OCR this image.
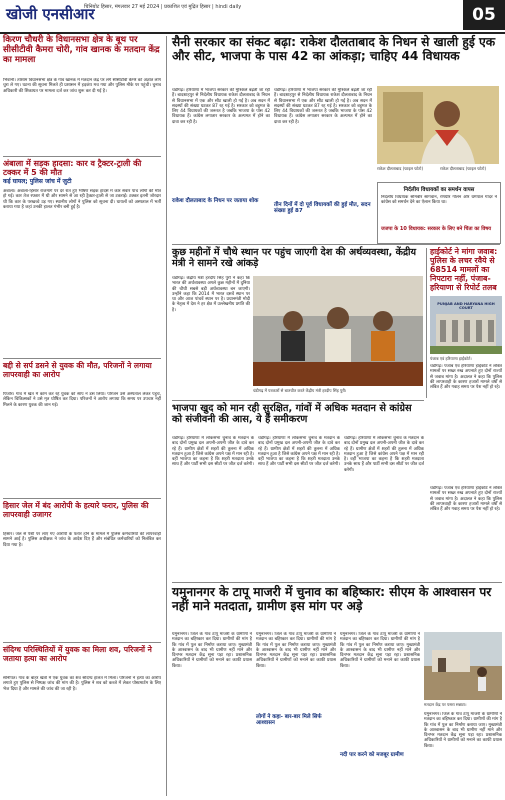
खोजी एनसीआर
चिनियोट हिसार, मंगलवार 27 मई 2024 | प्रकाशित एवं मुद्रित हिसार | hindi daily	05
किरण चौधरी के विधानसभा क्षेत्र के बूथ पर सीसीटीवी कैमरा चोरी, गांव खानक के मतदान केंद्र का मामला
भिवानी। तोशाम विधानसभा क्षेत्र के गांव खानक में मतदान केंद्र पर लगे सीसीटीवी कैमरे को अज्ञात लोग चुरा ले गए। घटना की सूचना मिलते ही प्रशासन में हड़कंप मच गया और पुलिस मौके पर पहुंची। चुनाव अधिकारी की शिकायत पर मामला दर्ज कर जांच शुरू कर दी गई है।
अंबाला में सड़क हादसा: कार व ट्रैक्टर-ट्राली की टक्कर में 5 की मौत
कई घायल; पुलिस जांच में जुटी
अंबाला। अंबाला-हिसार राजमार्ग पर देर रात हुए भीषण सड़क हादसे में कार सवार पांच लोगों की मौत हो गई। कार तेज रफ्तार में थी और सामने से आ रही ट्रैक्टर-ट्राली से जा टकराई। टक्कर इतनी जोरदार थी कि कार के परखच्चे उड़ गए। स्थानीय लोगों ने पुलिस को सूचना दी। घायलों को अस्पताल में भर्ती कराया गया है जहां उनकी हालत गंभीर बनी हुई है।
बद्दी से सर्प डसने से युवक की मौत, परिजनों ने लगाया लापरवाही का आरोप
पिंजौर। गांव में खेत में काम कर रहे युवक को सांप ने डस लिया। परिजन उसे अस्पताल लेकर पहुंचे, लेकिन चिकित्सकों ने उसे मृत घोषित कर दिया। परिजनों ने आरोप लगाया कि समय पर उपचार नहीं मिलने के कारण युवक की जान गई।
हिसार जेल में बंद आरोपी के हत्यारे फरार, पुलिस की लापरवाही उजागर
हिसार। जेल से पेशी पर लाए गए आरोपी के फरार होने के मामले में पुलिस कर्मचारियों की लापरवाही सामने आई है। पुलिस अधीक्षक ने जांच के आदेश दिए हैं और संबंधित कर्मचारियों को निलंबित कर दिया गया है।
संदिग्ध परिस्थितियों में युवक का मिला शव, परिजनों ने जताया हत्या का आरोप
सोनीपत। गांव के बाहर खेतों में एक युवक का शव संदिग्ध हालत में मिला। परिजनों ने हत्या का आरोप लगाते हुए पुलिस से निष्पक्ष जांच की मांग की है। पुलिस ने शव को कब्जे में लेकर पोस्टमार्टम के लिए भेज दिया है और मामले की जांच की जा रही है।
सैनी सरकार का संकट बढ़ा: राकेश दौलताबाद के निधन से खाली हुई एक और सीट, भाजपा के पास 42 का आंकड़ा; चाहिए 44 विधायक
चंडीगढ़। हरियाणा में भाजपा सरकार की मुश्किलें बढ़ती जा रही हैं। बादशाहपुर से निर्दलीय विधायक राकेश दौलताबाद के निधन से विधानसभा में एक और सीट खाली हो गई है। अब सदन में सदस्यों की संख्या घटकर 87 रह गई है। सरकार को बहुमत के लिए 44 विधायकों की जरूरत है जबकि भाजपा के पास 42 विधायक हैं। कांग्रेस लगातार सरकार के अल्पमत में होने का दावा कर रही है।
राकेश दौलताबाद के निधन पर जताया शोक
चंडीगढ़। हरियाणा में भाजपा सरकार की मुश्किलें बढ़ती जा रही हैं। बादशाहपुर से निर्दलीय विधायक राकेश दौलताबाद के निधन से विधानसभा में एक और सीट खाली हो गई है। अब सदन में सदस्यों की संख्या घटकर 87 रह गई है। सरकार को बहुमत के लिए 44 विधायकों की जरूरत है जबकि भाजपा के पास 42 विधायक हैं। कांग्रेस लगातार सरकार के अल्पमत में होने का दावा कर रही है।
तीन दिनों में दो पूर्व विधायकों की हुई मौत, सदन संख्या हुई 87
राकेश दौलताबाद (फाइल फोटो)	राकेश दौलताबाद (फाइल फोटो)
निर्दलीय विधायकों का समर्थन वापस
निर्दलीय विधायक सोमबीर सांगवान, रणधीर गोलन और धर्मपाल गोंदर ने कांग्रेस को समर्थन देने का ऐलान किया था।
जजपा के 10 विधायक: सरकार के लिए बने चिंता का विषय
कुछ महीनों में चौथे स्थान पर पहुंच जाएगी देश की अर्थव्यवस्था, केंद्रीय मंत्री ने सामने रखे आंकड़े
चंडीगढ़। केंद्रीय मंत्री हरदीप सिंह पुरी ने कहा कि भारत की अर्थव्यवस्था अगले कुछ महीनों में दुनिया की चौथी सबसे बड़ी अर्थव्यवस्था बन जाएगी। उन्होंने कहा कि 2014 में भारत दसवें स्थान पर था और आज पांचवें स्थान पर है। प्रधानमंत्री मोदी के नेतृत्व में देश ने हर क्षेत्र में उल्लेखनीय प्रगति की है।
चंडीगढ़ में पत्रकारों से बातचीत करते केंद्रीय मंत्री हरदीप सिंह पुरी।
हाईकोर्ट ने मांगा जवाब: पुलिस के लचर रवैये से 68514 मामलों का निपटारा नहीं, पंजाब-हरियाणा से रिपोर्ट तलब
PUNJAB AND HARYANA HIGH COURT
पंजाब एवं हरियाणा हाईकोर्ट।
चंडीगढ़। पंजाब एवं हरियाणा हाईकोर्ट ने लंबित मामलों पर सख्त रुख अपनाते हुए दोनों राज्यों से जवाब मांगा है। अदालत ने कहा कि पुलिस की लापरवाही के कारण हजारों मामले वर्षों से लंबित हैं और गवाह समय पर पेश नहीं हो रहे।
भाजपा खुद को मान रही सुरक्षित, गांवों में अधिक मतदान से कांग्रेस को संजीवनी की आस, ये हैं समीकरण
चंडीगढ़। हरियाणा में लोकसभा चुनाव के मतदान के बाद दोनों प्रमुख दल अपनी-अपनी जीत के दावे कर रहे हैं। ग्रामीण क्षेत्रों में शहरों की तुलना में अधिक मतदान हुआ है जिसे कांग्रेस अपने पक्ष में मान रही है। वहीं भाजपा का कहना है कि शहरी मतदाता उनके साथ हैं और पार्टी सभी दस सीटों पर जीत दर्ज करेगी।
चंडीगढ़। हरियाणा में लोकसभा चुनाव के मतदान के बाद दोनों प्रमुख दल अपनी-अपनी जीत के दावे कर रहे हैं। ग्रामीण क्षेत्रों में शहरों की तुलना में अधिक मतदान हुआ है जिसे कांग्रेस अपने पक्ष में मान रही है। वहीं भाजपा का कहना है कि शहरी मतदाता उनके साथ हैं और पार्टी सभी दस सीटों पर जीत दर्ज करेगी।
चंडीगढ़। हरियाणा में लोकसभा चुनाव के मतदान के बाद दोनों प्रमुख दल अपनी-अपनी जीत के दावे कर रहे हैं। ग्रामीण क्षेत्रों में शहरों की तुलना में अधिक मतदान हुआ है जिसे कांग्रेस अपने पक्ष में मान रही है। वहीं भाजपा का कहना है कि शहरी मतदाता उनके साथ हैं और पार्टी सभी दस सीटों पर जीत दर्ज करेगी।
चंडीगढ़। पंजाब एवं हरियाणा हाईकोर्ट ने लंबित मामलों पर सख्त रुख अपनाते हुए दोनों राज्यों से जवाब मांगा है। अदालत ने कहा कि पुलिस की लापरवाही के कारण हजारों मामले वर्षों से लंबित हैं और गवाह समय पर पेश नहीं हो रहे।
यमुनानगर के टापू माजरी में चुनाव का बहिष्कार: सीएम के आश्वासन पर नहीं माने मतदाता, ग्रामीण इस मांग पर अड़े
यमुनानगर। जिले के गांव टापू माजरी के ग्रामीणों ने मतदान का बहिष्कार कर दिया। ग्रामीणों की मांग है कि गांव में पुल का निर्माण कराया जाए। मुख्यमंत्री के आश्वासन के बाद भी ग्रामीण नहीं माने और दिनभर मतदान केंद्र सूना पड़ा रहा। प्रशासनिक अधिकारियों ने ग्रामीणों को मनाने का काफी प्रयास किया।
यमुनानगर। जिले के गांव टापू माजरी के ग्रामीणों ने मतदान का बहिष्कार कर दिया। ग्रामीणों की मांग है कि गांव में पुल का निर्माण कराया जाए। मुख्यमंत्री के आश्वासन के बाद भी ग्रामीण नहीं माने और दिनभर मतदान केंद्र सूना पड़ा रहा। प्रशासनिक अधिकारियों ने ग्रामीणों को मनाने का काफी प्रयास किया।
लोगों ने कहा- बार-बार मिले सिर्फ आश्वासन
यमुनानगर। जिले के गांव टापू माजरी के ग्रामीणों ने मतदान का बहिष्कार कर दिया। ग्रामीणों की मांग है कि गांव में पुल का निर्माण कराया जाए। मुख्यमंत्री के आश्वासन के बाद भी ग्रामीण नहीं माने और दिनभर मतदान केंद्र सूना पड़ा रहा। प्रशासनिक अधिकारियों ने ग्रामीणों को मनाने का काफी प्रयास किया।
नदी पार करने को मजबूर ग्रामीण
मतदान केंद्र पर पसरा सन्नाटा।
यमुनानगर। जिले के गांव टापू माजरी के ग्रामीणों ने मतदान का बहिष्कार कर दिया। ग्रामीणों की मांग है कि गांव में पुल का निर्माण कराया जाए। मुख्यमंत्री के आश्वासन के बाद भी ग्रामीण नहीं माने और दिनभर मतदान केंद्र सूना पड़ा रहा। प्रशासनिक अधिकारियों ने ग्रामीणों को मनाने का काफी प्रयास किया।
